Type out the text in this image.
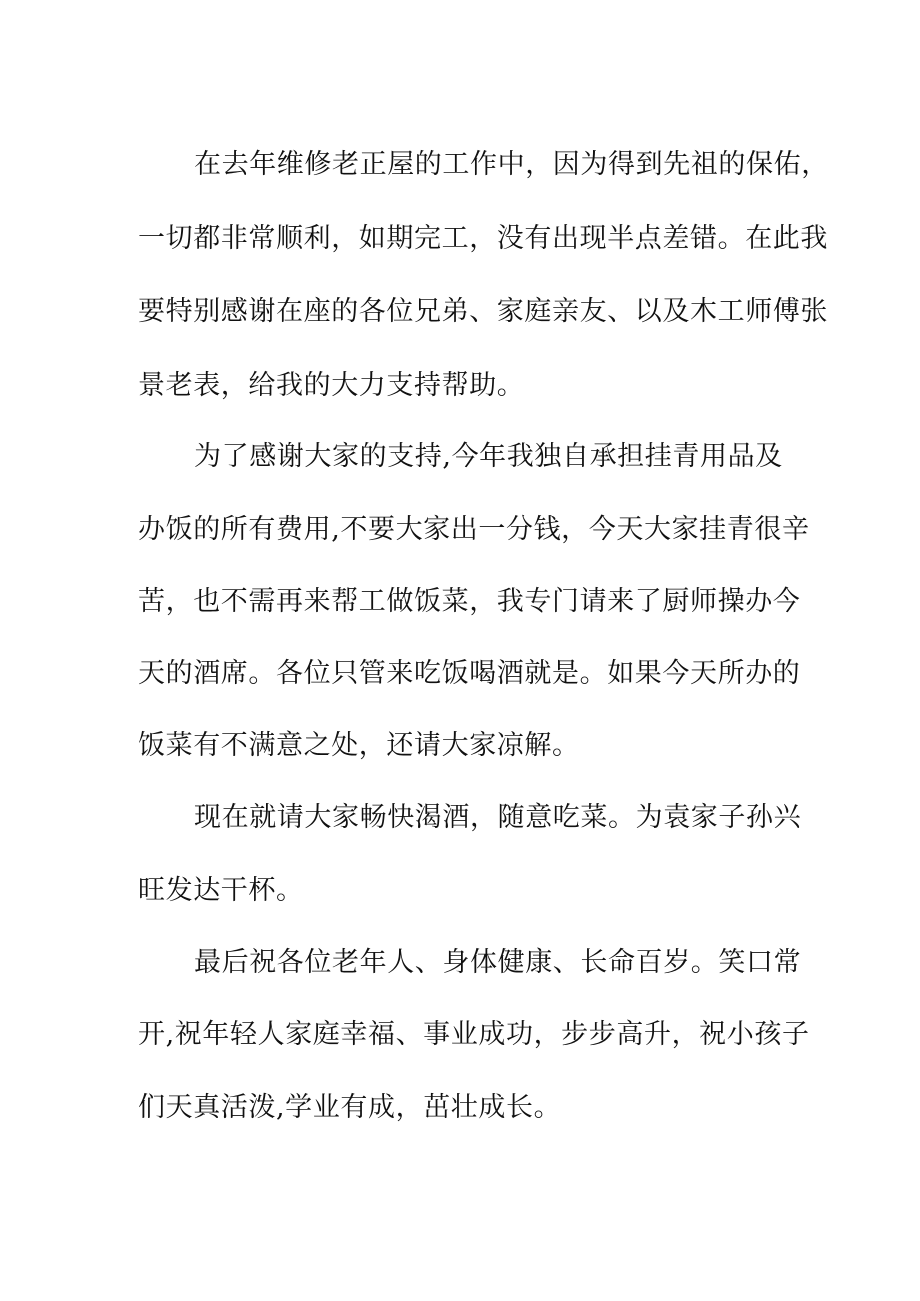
在去年维修老正屋的工作中，因为得到先祖的保佑，
一切都非常顺利，如期完工，没有出现半点差错。在此我
要特别感谢在座的各位兄弟、家庭亲友、以及木工师傅张
景老表，给我的大力支持帮助。
为了感谢大家的支持,今年我独自承担挂青用品及
办饭的所有费用,不要大家出一分钱，今天大家挂青很辛
苦，也不需再来帮工做饭菜，我专门请来了厨师操办今
天的酒席。各位只管来吃饭喝酒就是。如果今天所办的
饭菜有不满意之处，还请大家凉解。
现在就请大家畅快渴酒，随意吃菜。为袁家子孙兴
旺发达干杯。
最后祝各位老年人、身体健康、长命百岁。笑口常
开,祝年轻人家庭幸福、事业成功，步步高升，祝小孩子
们天真活泼,学业有成，茁壮成长。
